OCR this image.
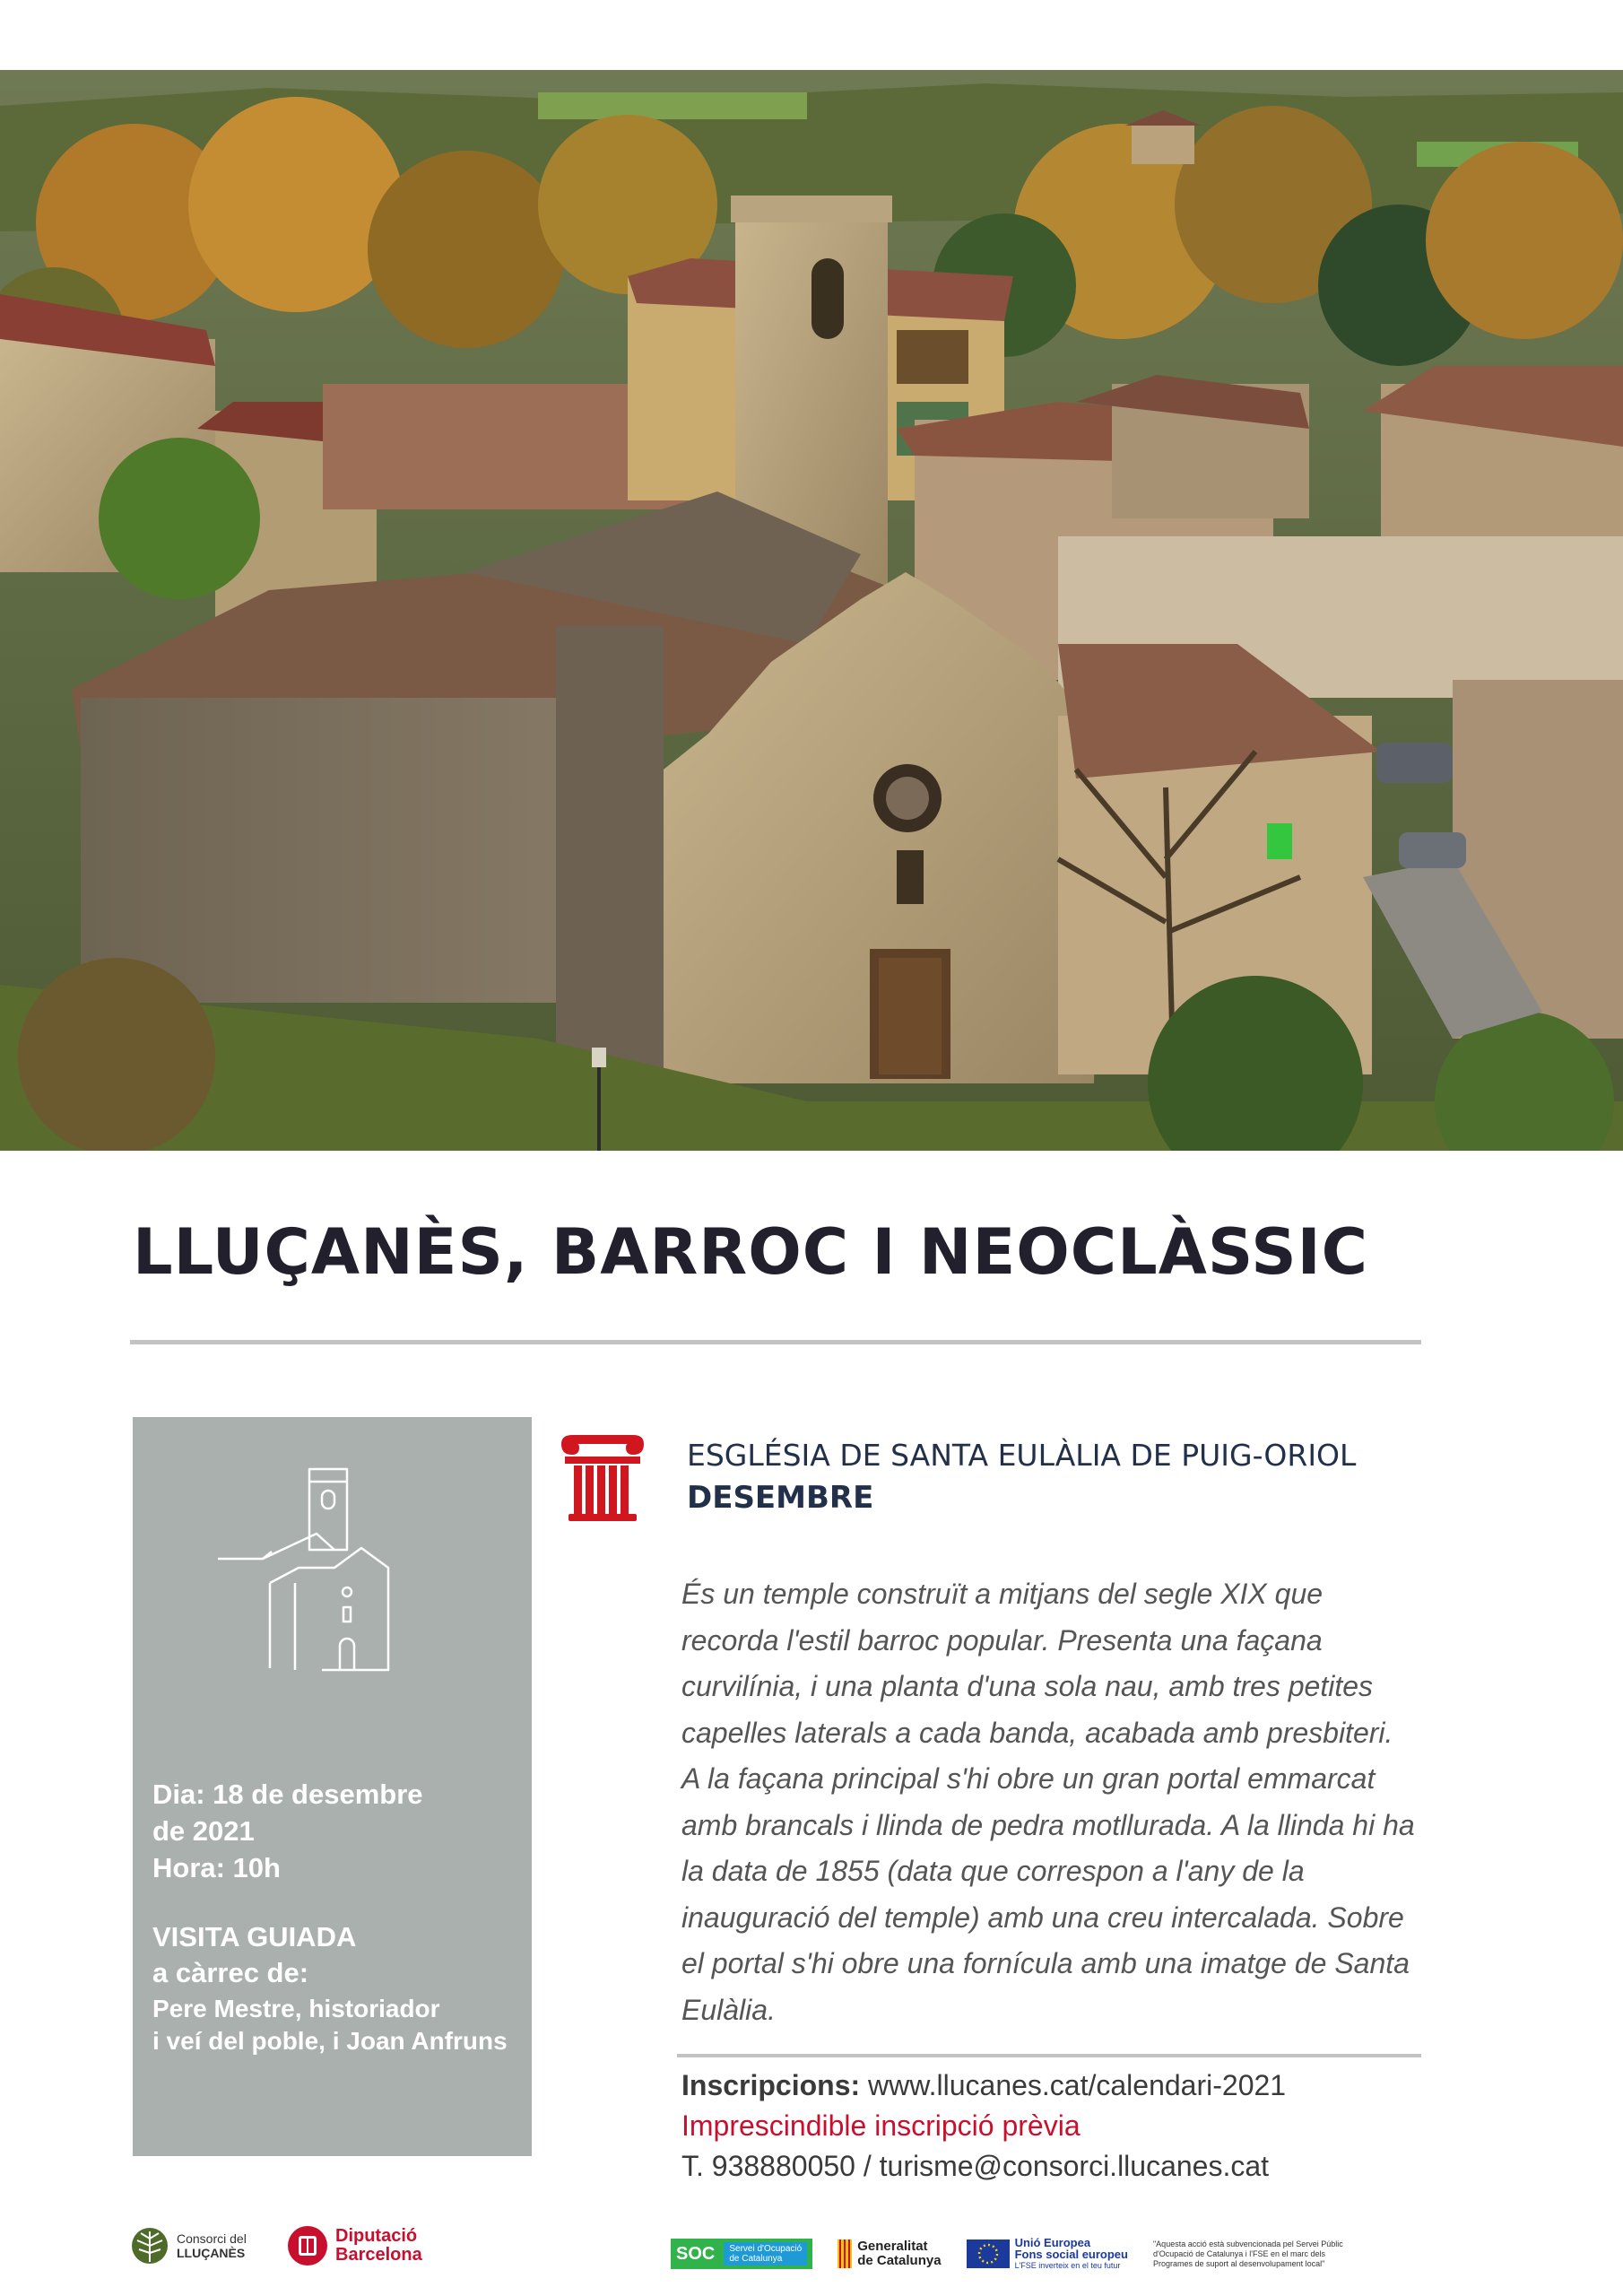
LLUÇANÈS, BARROC I NEOCLÀSSIC
Dia: 18 de desembre
de 2021
Hora: 10h
VISITA GUIADA
a càrrec de:
Pere Mestre, historiador
i veí del poble, i Joan Anfruns
ESGLÉSIA DE SANTA EULÀLIA DE PUIG-ORIOL
DESEMBRE
És un temple construït a mitjans del segle XIX que recorda l'estil barroc popular. Presenta una façana curvilínia, i una planta d'una sola nau, amb tres petites capelles laterals a cada banda, acabada amb presbiteri. A la façana principal s'hi obre un gran portal emmarcat amb brancals i llinda de pedra motllurada. A la llinda hi ha la data de 1855 (data que correspon a l'any de la inauguració del temple) amb una creu intercalada. Sobre el portal s'hi obre una fornícula amb una imatge de Santa Eulàlia.
Inscripcions: www.llucanes.cat/calendari-2021
Imprescindible inscripció prèvia
T. 938880050 / turisme@consorci.llucanes.cat
Consorci del
LLUÇANÈS
Diputació
Barcelona	SOC Servei d'Ocupació
de Catalunya
Generalitat
de Catalunya
Unió Europea
Fons social europeu
L'FSE inverteix en el teu futur
"Aquesta acció està subvencionada pel Servei Públic
d'Ocupació de Catalunya i l'FSE en el marc dels
Programes de suport al desenvolupament local"
